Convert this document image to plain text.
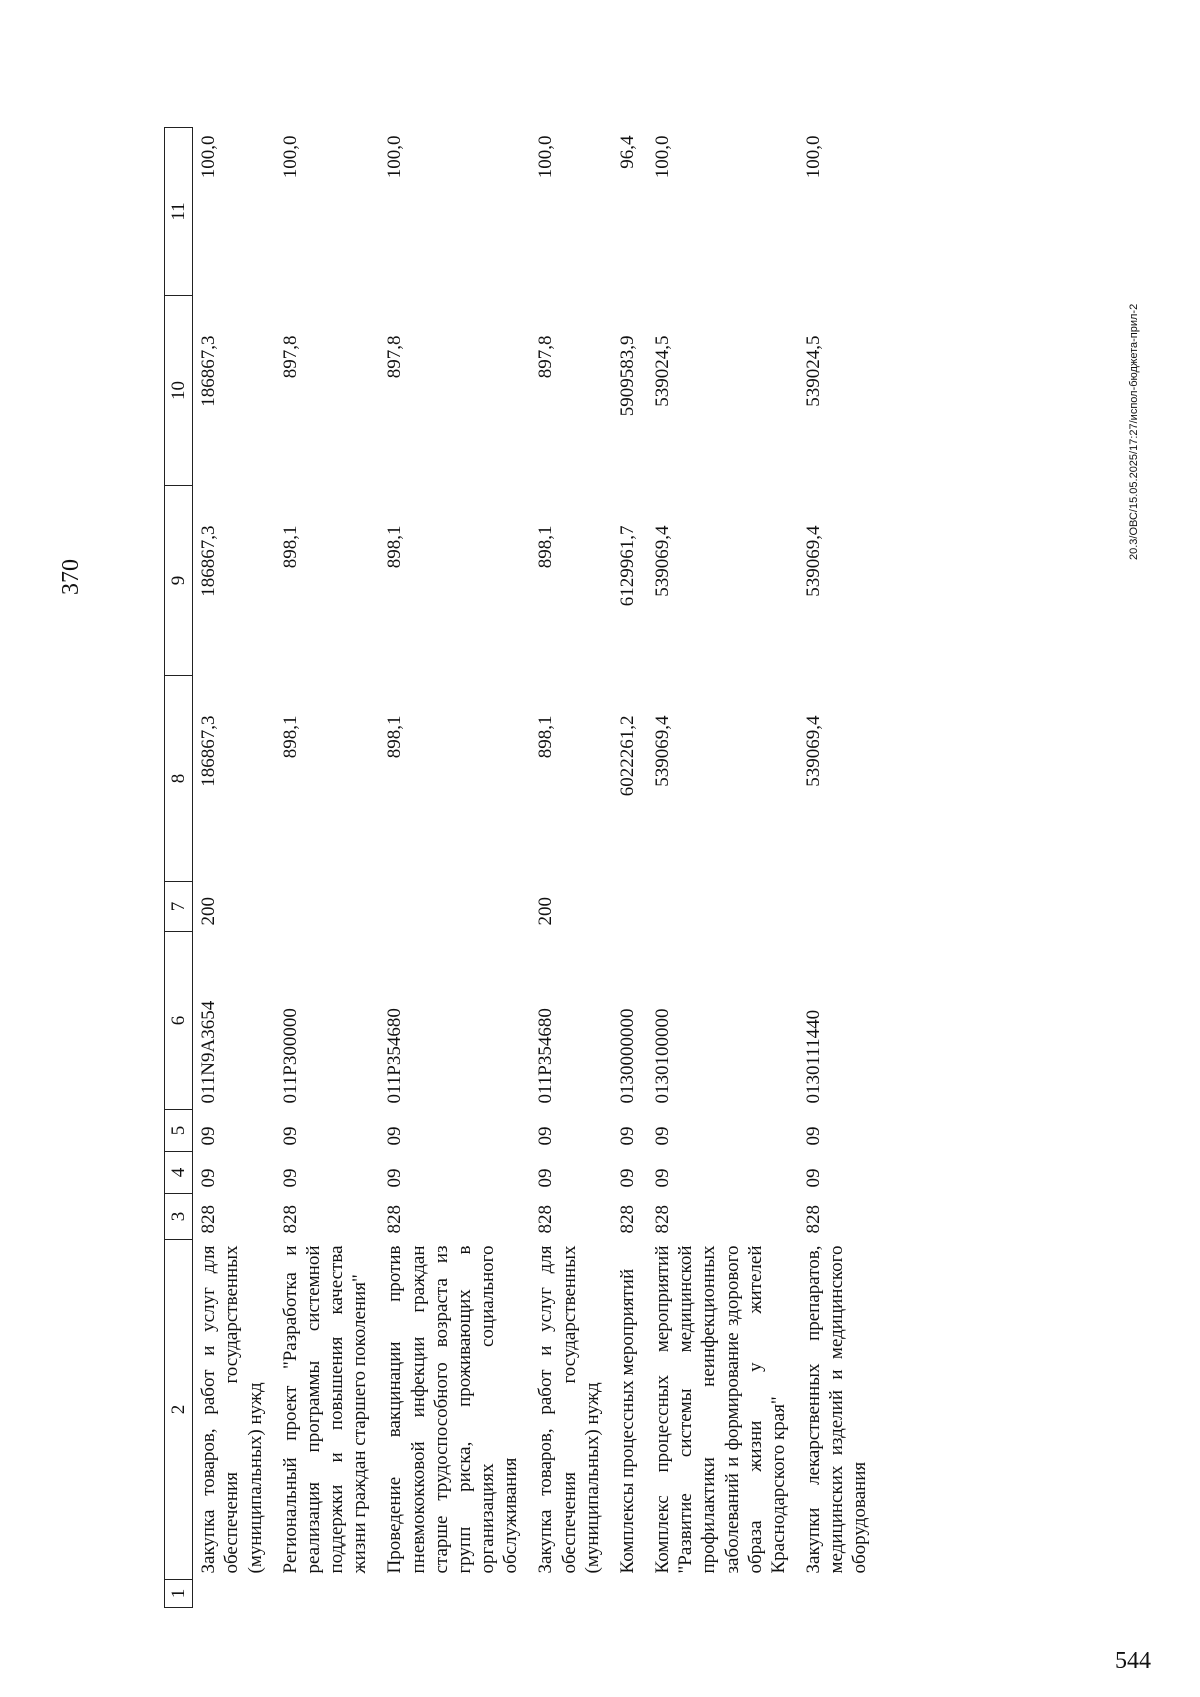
370
1	2	3	4	5	6	7	8	9	10	11
	Закупка товаров, работ и услуг для обеспечения государственных (муниципальных) нужд	828	09	09	011N9A3654	200	186867,3	186867,3	186867,3	100,0
	Региональный проект "Разработка и реализация программы системной поддержки и повышения качества жизни граждан старшего поколения"	828	09	09	011P300000		898,1	898,1	897,8	100,0
	Проведение вакцинации против пневмококковой инфекции граждан старше трудоспособного возраста из групп риска, проживающих в организациях социального обслуживания	828	09	09	011P354680		898,1	898,1	897,8	100,0
	Закупка товаров, работ и услуг для обеспечения государственных (муниципальных) нужд	828	09	09	011P354680	200	898,1	898,1	897,8	100,0
	Комплексы процессных мероприятий	828	09	09	0130000000		6022261,2	6129961,7	5909583,9	96,4
	Комплекс процессных мероприятий "Развитие системы медицинской профилактики неинфекционных заболеваний и формирование здорового образа жизни у жителей Краснодарского края"	828	09	09	0130100000		539069,4	539069,4	539024,5	100,0
	Закупки лекарственных препаратов, медицинских изделий и медицинского оборудования	828	09	09	0130111440		539069,4	539069,4	539024,5	100,0
20.3/ОВС/15.05.2025/17:27/испол-бюджета-прил-2
544
